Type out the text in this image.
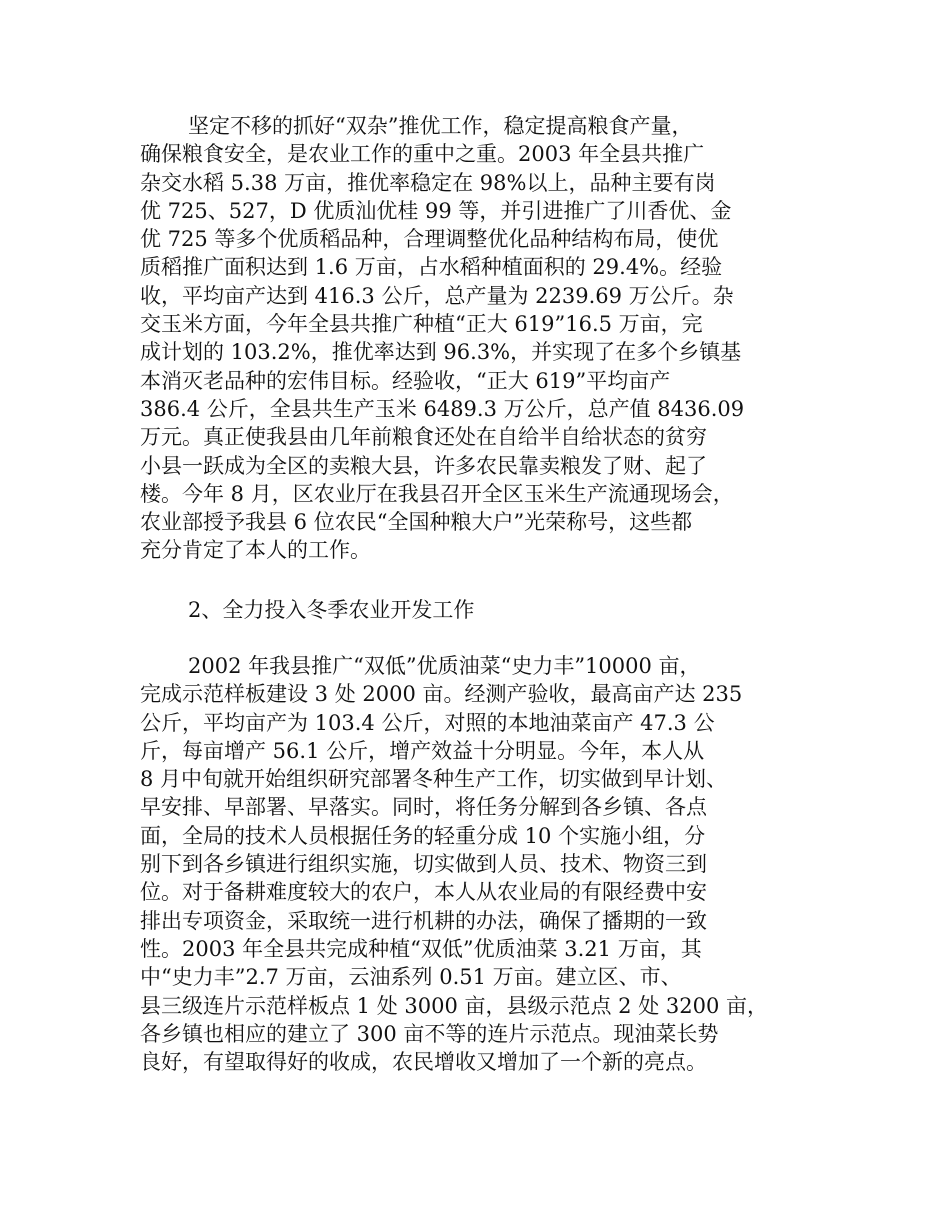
坚定不移的抓好“双杂”推优工作，稳定提高粮食产量，
确保粮食安全，是农业工作的重中之重。2003 年全县共推广
杂交水稻 5.38 万亩，推优率稳定在 98%以上，品种主要有岗
优 725、527，D 优质汕优桂 99 等，并引进推广了川香优、金
优 725 等多个优质稻品种，合理调整优化品种结构布局，使优
质稻推广面积达到 1.6 万亩，占水稻种植面积的 29.4%。经验
收，平均亩产达到 416.3 公斤，总产量为 2239.69 万公斤。杂
交玉米方面，今年全县共推广种植“正大 619”16.5 万亩，完
成计划的 103.2%，推优率达到 96.3%，并实现了在多个乡镇基
本消灭老品种的宏伟目标。经验收，“正大 619”平均亩产
386.4 公斤，全县共生产玉米 6489.3 万公斤，总产值 8436.09
万元。真正使我县由几年前粮食还处在自给半自给状态的贫穷
小县一跃成为全区的卖粮大县，许多农民靠卖粮发了财、起了
楼。今年 8 月，区农业厅在我县召开全区玉米生产流通现场会，
农业部授予我县 6 位农民“全国种粮大户”光荣称号，这些都
充分肯定了本人的工作。
2、全力投入冬季农业开发工作
2002 年我县推广“双低”优质油菜“史力丰”10000 亩，
完成示范样板建设 3 处 2000 亩。经测产验收，最高亩产达 235
公斤，平均亩产为 103.4 公斤，对照的本地油菜亩产 47.3 公
斤，每亩增产 56.1 公斤，增产效益十分明显。今年，本人从
8 月中旬就开始组织研究部署冬种生产工作，切实做到早计划、
早安排、早部署、早落实。同时，将任务分解到各乡镇、各点
面，全局的技术人员根据任务的轻重分成 10 个实施小组，分
别下到各乡镇进行组织实施，切实做到人员、技术、物资三到
位。对于备耕难度较大的农户，本人从农业局的有限经费中安
排出专项资金，采取统一进行机耕的办法，确保了播期的一致
性。2003 年全县共完成种植“双低”优质油菜 3.21 万亩，其
中“史力丰”2.7 万亩，云油系列 0.51 万亩。建立区、市、
县三级连片示范样板点 1 处 3000 亩，县级示范点 2 处 3200 亩，
各乡镇也相应的建立了 300 亩不等的连片示范点。现油菜长势
良好，有望取得好的收成，农民增收又增加了一个新的亮点。
